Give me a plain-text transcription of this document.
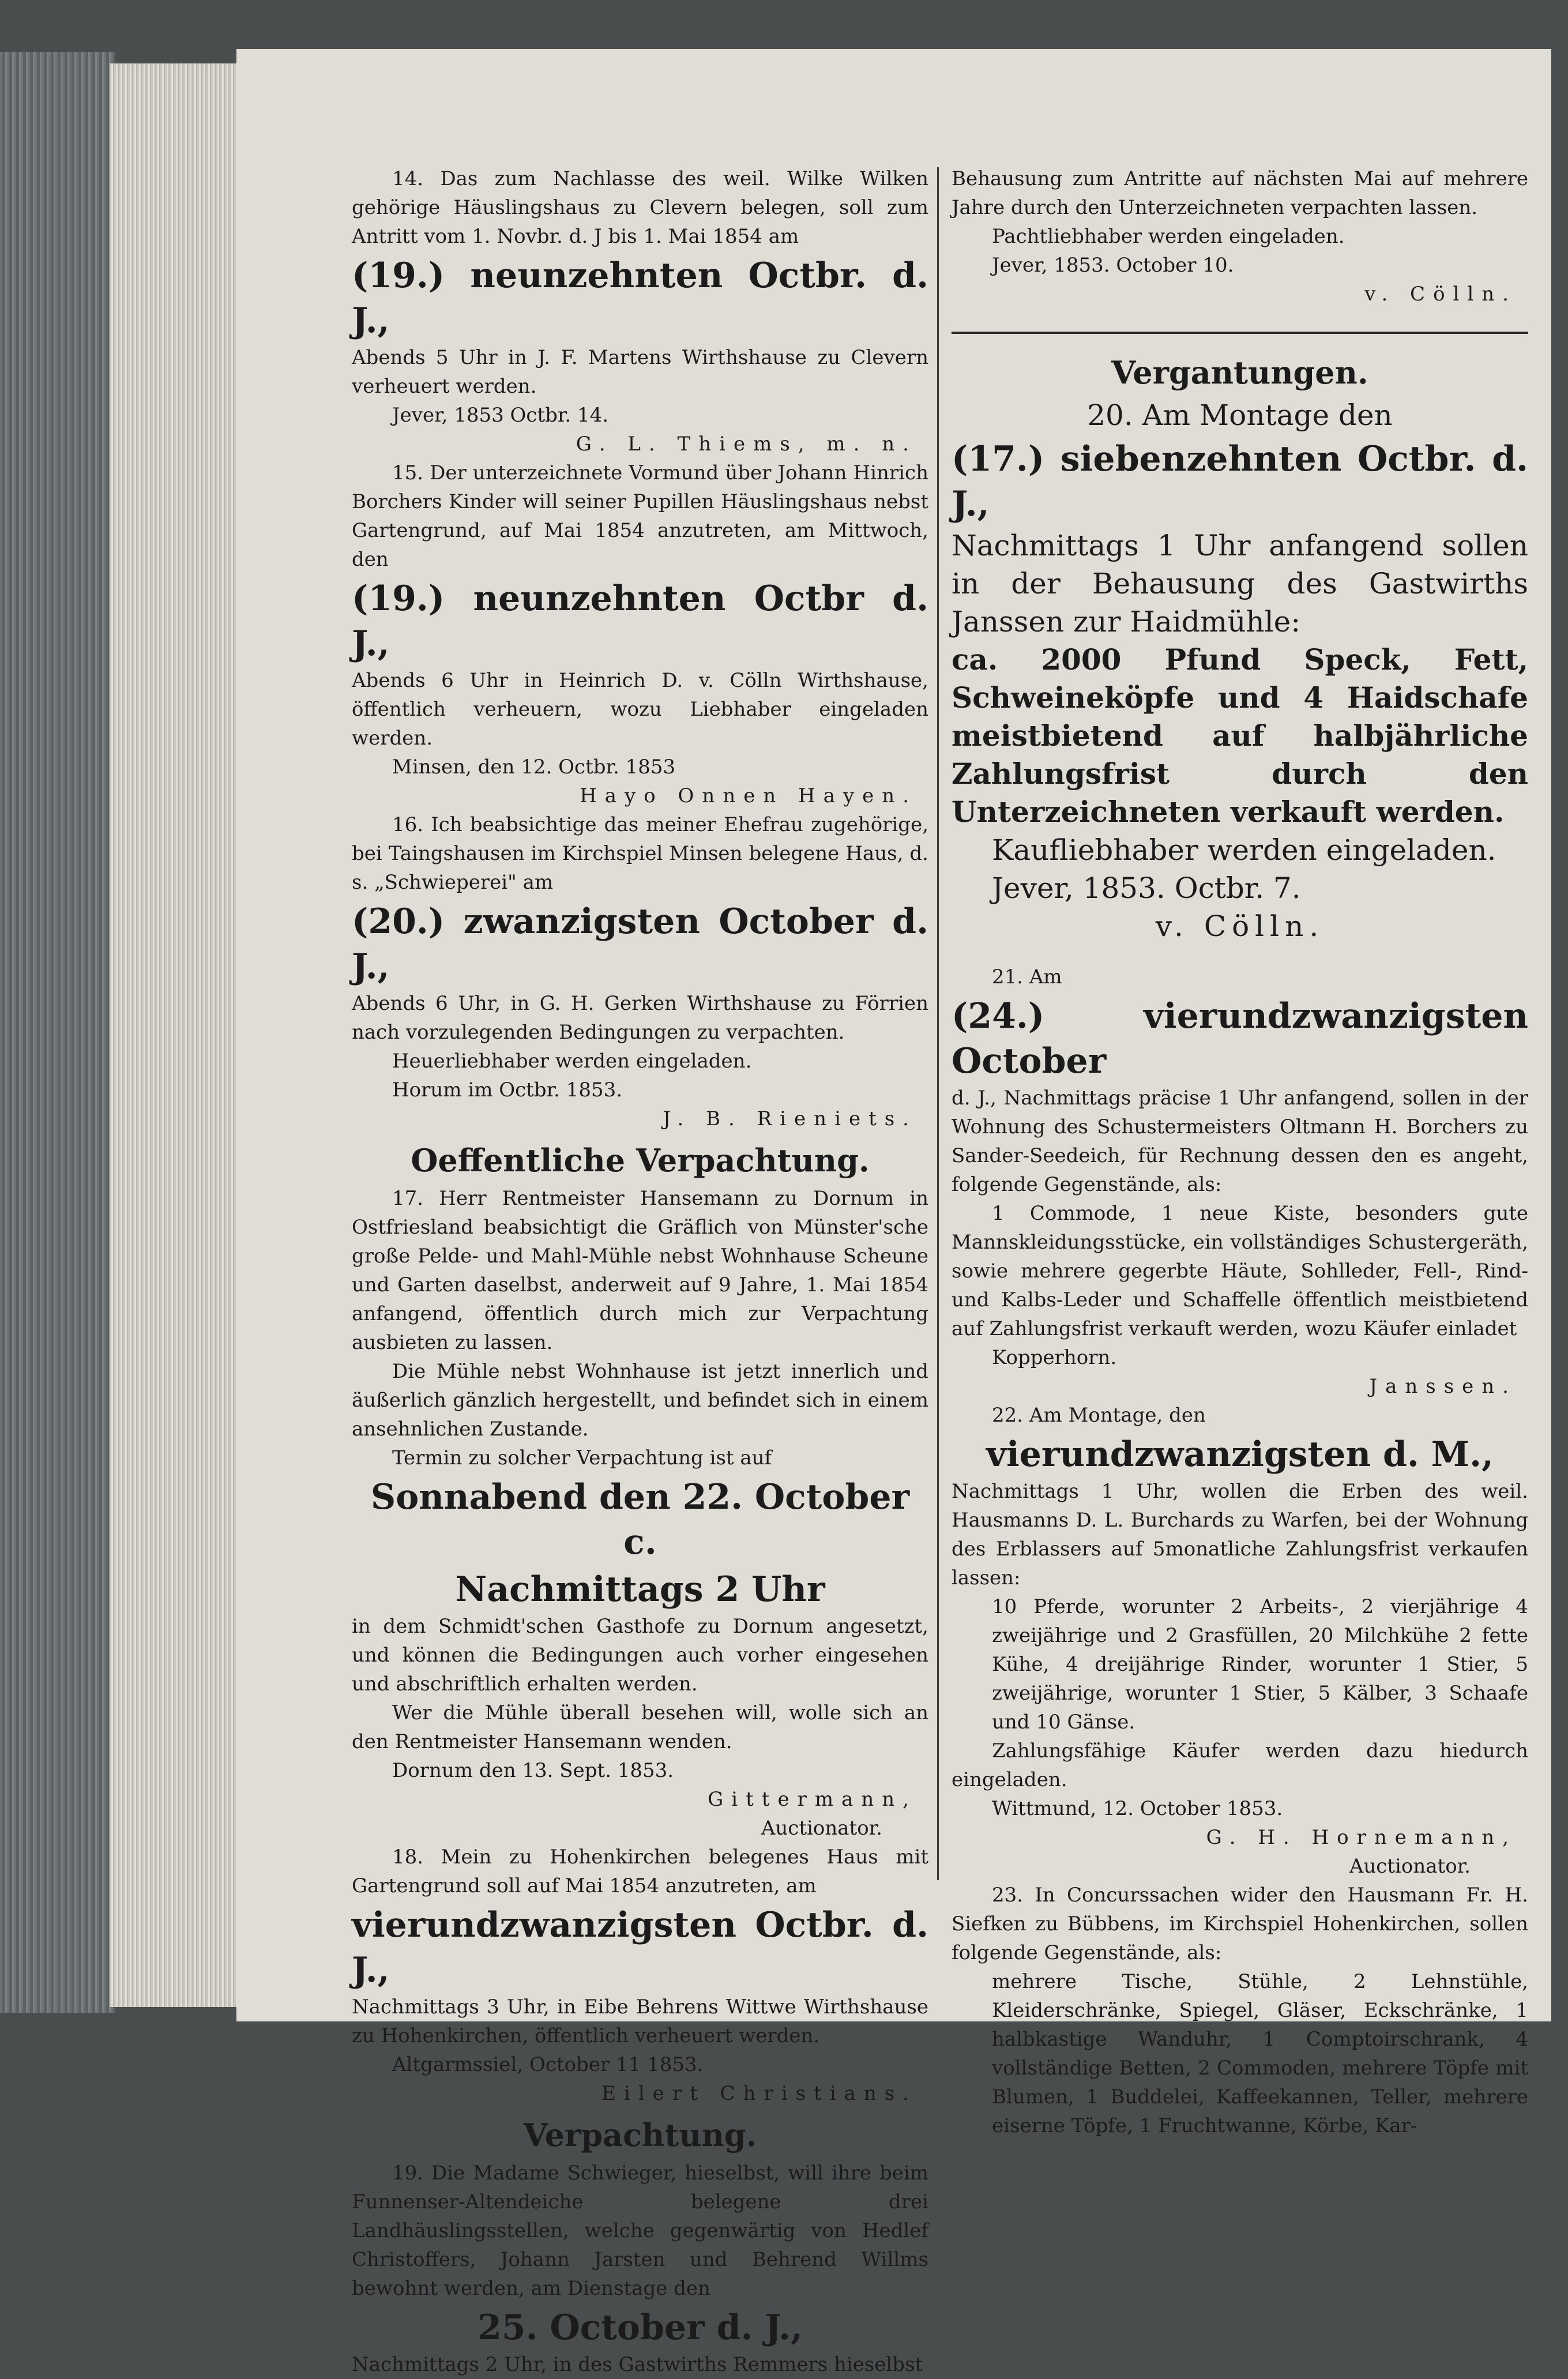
14. Das zum Nachlasse des weil. Wilke Wilken gehörige Häuslingshaus zu Clevern belegen, soll zum Antritt vom 1. Novbr. d. J bis 1. Mai 1854 am

(19.) neunzehnten Octbr. d. J.,

Abends 5 Uhr in J. F. Martens Wirthshause zu Clevern verheuert werden.

Jever, 1853 Octbr. 14.

G. L. Thiems, m. n.

15. Der unterzeichnete Vormund über Johann Hinrich Borchers Kinder will seiner Pupillen Häuslingshaus nebst Gartengrund, auf Mai 1854 anzutreten, am Mittwoch, den

(19.) neunzehnten Octbr d. J.,

Abends 6 Uhr in Heinrich D. v. Cölln Wirthshause, öffentlich verheuern, wozu Liebhaber eingeladen werden.

Minsen, den 12. Octbr. 1853

Hayo Onnen Hayen.

16. Ich beabsichtige das meiner Ehefrau zugehörige, bei Taingshausen im Kirchspiel Minsen belegene Haus, d. s. „Schwieperei" am

(20.) zwanzigsten October d. J.,

Abends 6 Uhr, in G. H. Gerken Wirthshause zu Förrien nach vorzulegenden Bedingungen zu verpachten.

Heuerliebhaber werden eingeladen.

Horum im Octbr. 1853.

J. B. Rieniets.

Oeffentliche Verpachtung.

17. Herr Rentmeister Hansemann zu Dornum in Ostfriesland beabsichtigt die Gräflich von Münster'sche große Pelde- und Mahl-Mühle nebst Wohnhause Scheune und Garten daselbst, anderweit auf 9 Jahre, 1. Mai 1854 anfangend, öffentlich durch mich zur Verpachtung ausbieten zu lassen.

Die Mühle nebst Wohnhause ist jetzt innerlich und äußerlich gänzlich hergestellt, und befindet sich in einem ansehnlichen Zustande.

Termin zu solcher Verpachtung ist auf

Sonnabend den 22. October c.

Nachmittags 2 Uhr

in dem Schmidt'schen Gasthofe zu Dornum angesetzt, und können die Bedingungen auch vorher eingesehen und abschriftlich erhalten werden.

Wer die Mühle überall besehen will, wolle sich an den Rentmeister Hansemann wenden.

Dornum den 13. Sept. 1853.

Gittermann,

Auctionator.

18. Mein zu Hohenkirchen belegenes Haus mit Gartengrund soll auf Mai 1854 anzutreten, am

vierundzwanzigsten Octbr. d. J.,

Nachmittags 3 Uhr, in Eibe Behrens Wittwe Wirthshause zu Hohenkirchen, öffentlich verheuert werden.

Altgarmssiel, October 11 1853.

Eilert Christians.

Verpachtung.

19. Die Madame Schwieger, hieselbst, will ihre beim Funnenser-Altendeiche belegene drei Landhäuslingsstellen, welche gegenwärtig von Hedlef Christoffers, Johann Jarsten und Behrend Willms bewohnt werden, am Dienstage den

25. October d. J.,

Nachmittags 2 Uhr, in des Gastwirths Remmers hieselbst

Behausung zum Antritte auf nächsten Mai auf mehrere Jahre durch den Unterzeichneten verpachten lassen.

Pachtliebhaber werden eingeladen.

Jever, 1853. October 10.

v. Cölln.

Vergantungen.

20. Am Montage den

(17.) siebenzehnten Octbr. d. J.,

Nachmittags 1 Uhr anfangend sollen in der Behausung des Gastwirths Janssen zur Haidmühle:

ca. 2000 Pfund Speck, Fett, Schweineköpfe und 4 Haidschafe meistbietend auf halbjährliche Zahlungsfrist durch den Unterzeichneten verkauft werden.

Kaufliebhaber werden eingeladen.

Jever, 1853. Octbr. 7.

v. Cölln.

21. Am

(24.) vierundzwanzigsten October

d. J., Nachmittags präcise 1 Uhr anfangend, sollen in der Wohnung des Schustermeisters Oltmann H. Borchers zu Sander-Seedeich, für Rechnung dessen den es angeht, folgende Gegenstände, als:

1 Commode, 1 neue Kiste, besonders gute Mannskleidungsstücke, ein vollständiges Schustergeräth, sowie mehrere gegerbte Häute, Sohlleder, Fell-, Rind- und Kalbs-Leder und Schaffelle öffentlich meistbietend auf Zahlungsfrist verkauft werden, wozu Käufer einladet

Kopperhorn.

Janssen.

22. Am Montage, den

vierundzwanzigsten d. M.,

Nachmittags 1 Uhr, wollen die Erben des weil. Hausmanns D. L. Burchards zu Warfen, bei der Wohnung des Erblassers auf 5monatliche Zahlungsfrist verkaufen lassen:

10 Pferde, worunter 2 Arbeits-, 2 vierjährige 4 zweijährige und 2 Grasfüllen, 20 Milchkühe 2 fette Kühe, 4 dreijährige Rinder, worunter 1 Stier, 5 zweijährige, worunter 1 Stier, 5 Kälber, 3 Schaafe und 10 Gänse.

Zahlungsfähige Käufer werden dazu hiedurch eingeladen.

Wittmund, 12. October 1853.

G. H. Hornemann,

Auctionator.

23. In Concurssachen wider den Hausmann Fr. H. Siefken zu Bübbens, im Kirchspiel Hohenkirchen, sollen folgende Gegenstände, als:

mehrere Tische, Stühle, 2 Lehnstühle, Kleiderschränke, Spiegel, Gläser, Eckschränke, 1 halbkastige Wanduhr, 1 Comptoirschrank, 4 vollständige Betten, 2 Commoden, mehrere Töpfe mit Blumen, 1 Buddelei, Kaffeekannen, Teller, mehrere eiserne Töpfe, 1 Fruchtwanne, Körbe, Kar-
